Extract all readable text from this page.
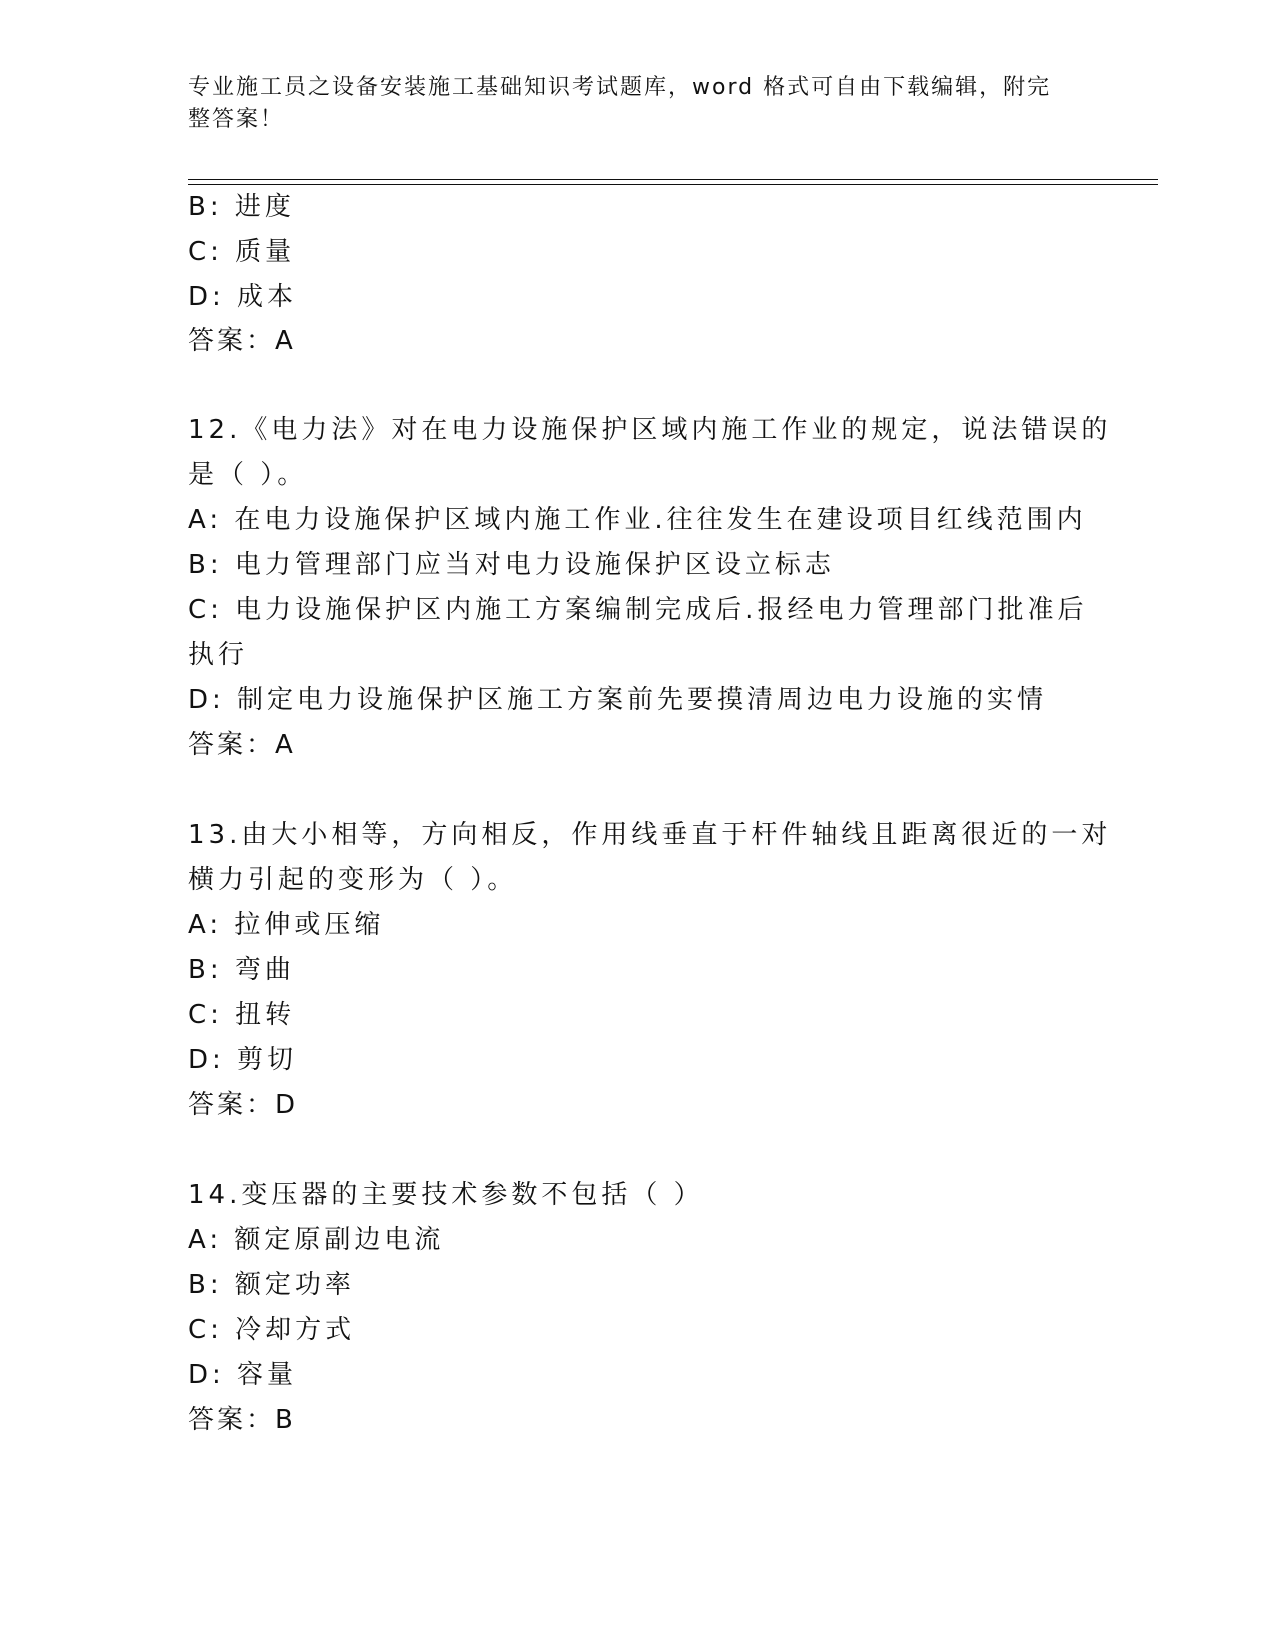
专业施工员之设备安装施工基础知识考试题库，word 格式可自由下载编辑，附完整答案！
B: 进度
C: 质量
D: 成本
答案：A
12.《电力法》对在电力设施保护区域内施工作业的规定，说法错误的
是（ ）。
A: 在电力设施保护区域内施工作业.往往发生在建设项目红线范围内
B: 电力管理部门应当对电力设施保护区设立标志
C: 电力设施保护区内施工方案编制完成后.报经电力管理部门批准后
执行
D: 制定电力设施保护区施工方案前先要摸清周边电力设施的实情
答案：A
13.由大小相等，方向相反，作用线垂直于杆件轴线且距离很近的一对
横力引起的变形为（ ）。
A: 拉伸或压缩
B: 弯曲
C: 扭转
D: 剪切
答案：D
14.变压器的主要技术参数不包括（ ）
A: 额定原副边电流
B: 额定功率
C: 冷却方式
D: 容量
答案：B
